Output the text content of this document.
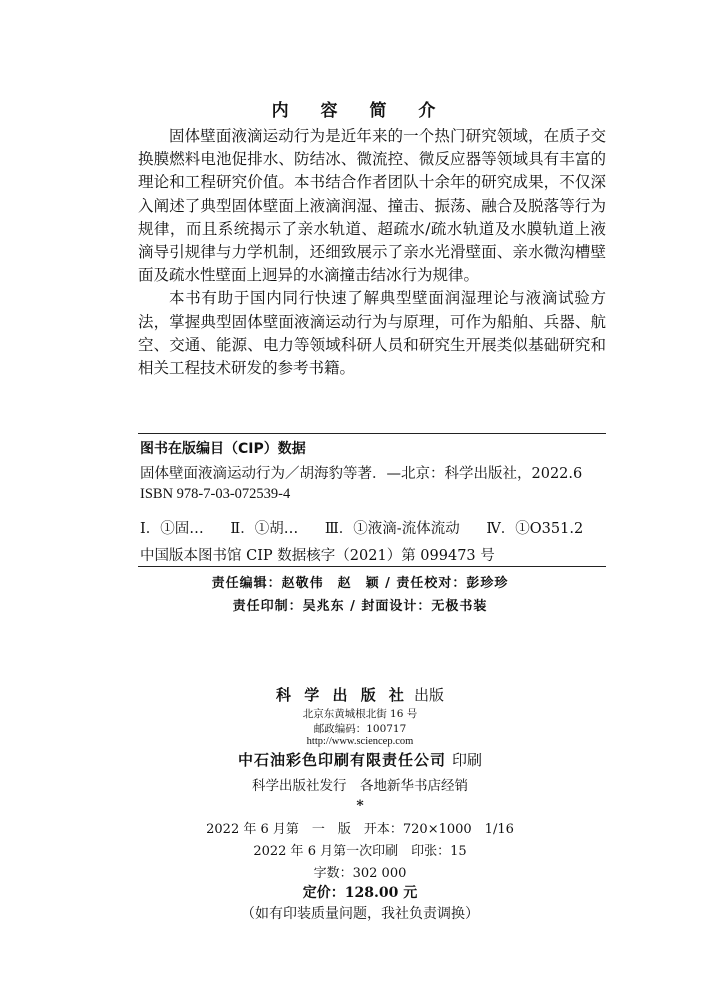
内 容 简 介

固体壁面液滴运动行为是近年来的一个热门研究领域，在质子交换膜燃料电池促排水、防结冰、微流控、微反应器等领域具有丰富的理论和工程研究价值。本书结合作者团队十余年的研究成果，不仅深入阐述了典型固体壁面上液滴润湿、撞击、振荡、融合及脱落等行为规律，而且系统揭示了亲水轨道、超疏水/疏水轨道及水膜轨道上液滴导引规律与力学机制，还细致展示了亲水光滑壁面、亲水微沟槽壁面及疏水性壁面上迥异的水滴撞击结冰行为规律。

本书有助于国内同行快速了解典型壁面润湿理论与液滴试验方法，掌握典型固体壁面液滴运动行为与原理，可作为船舶、兵器、航空、交通、能源、电力等领域科研人员和研究生开展类似基础研究和相关工程技术研发的参考书籍。

图书在版编目（CIP）数据
固体壁面液滴运动行为／胡海豹等著．—北京：科学出版社，2022.6
ISBN 978-7-03-072539-4
Ⅰ．①固… Ⅱ．①胡… Ⅲ．①液滴-流体流动 Ⅳ．①O351.2
中国版本图书馆 CIP 数据核字（2021）第 099473 号
责任编辑：赵敬伟　赵　颖 / 责任校对：彭珍珍
责任印制：吴兆东 / 封面设计：无极书装
科 学 出 版 社 出版
北京东黄城根北街 16 号
邮政编码：100717
http://www.sciencep.com
中石油彩色印刷有限责任公司 印刷
科学出版社发行　各地新华书店经销
*
2022 年 6 月第　一　版　开本：720×1000　1/16
2022 年 6 月第一次印刷　印张：15
字数：302 000
定价：128.00 元
（如有印装质量问题，我社负责调换）
